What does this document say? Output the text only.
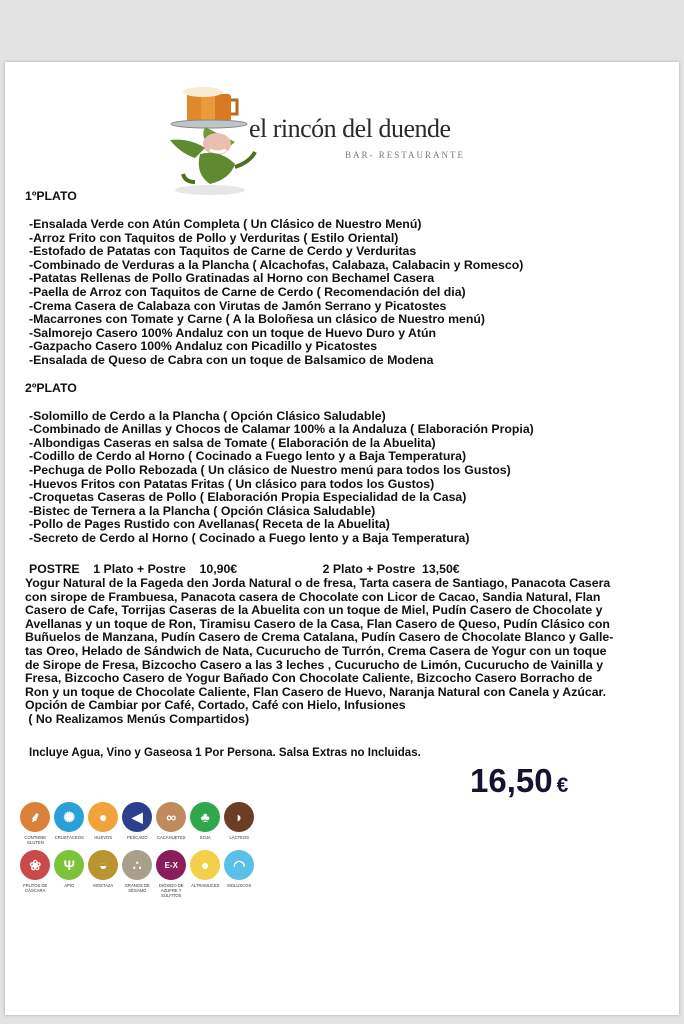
el rincón del duende
BAR- RESTAURANTE
1ºPLATO
-Ensalada Verde con Atún Completa ( Un Clásico de Nuestro Menú)
-Arroz Frito con Taquitos de Pollo y Verduritas ( Estilo Oriental)
-Estofado de Patatas con Taquitos de Carne de Cerdo y Verduritas
-Combinado de Verduras a la Plancha ( Alcachofas, Calabaza, Calabacin y Romesco)
-Patatas Rellenas de Pollo Gratinadas al Horno con Bechamel Casera
-Paella de Arroz con Taquitos de Carne de Cerdo ( Recomendación del dia)
-Crema Casera de Calabaza con Virutas de Jamón Serrano y Picatostes
-Macarrones con Tomate y Carne ( A la Boloñesa un clásico de Nuestro menú)
-Salmorejo Casero 100% Andaluz con un toque de Huevo Duro y Atún
-Gazpacho Casero 100% Andaluz con Picadillo y Picatostes
-Ensalada de Queso de Cabra con un toque de Balsamico de Modena
2ºPLATO
-Solomillo de Cerdo a la Plancha ( Opción Clásico Saludable)
-Combinado de Anillas y Chocos de Calamar 100% a la Andaluza ( Elaboración Propia)
-Albondigas Caseras en salsa de Tomate ( Elaboración de la Abuelita)
-Codillo de Cerdo al Horno ( Cocinado a Fuego lento y a Baja Temperatura)
-Pechuga de Pollo Rebozada ( Un clásico de Nuestro menú para todos los Gustos)
-Huevos Fritos con Patatas Fritas ( Un clásico para todos los Gustos)
-Croquetas Caseras de Pollo ( Elaboración Propia Especialidad de la Casa)
-Bistec de Ternera a la Plancha ( Opción Clásica Saludable)
-Pollo de Pages Rustido con Avellanas( Receta de la Abuelita)
-Secreto de Cerdo al Horno ( Cocinado a Fuego lento y a Baja Temperatura)
POSTRE 1 Plato + Postre 10,90€	2 Plato + Postre 13,50€
Yogur Natural de la Fageda den Jorda Natural o de fresa, Tarta casera de Santiago, Panacota Casera
con sirope de Frambuesa, Panacota casera de Chocolate con Licor de Cacao, Sandia Natural, Flan
Casero de Cafe, Torrijas Caseras de la Abuelita con un toque de Miel, Pudín Casero de Chocolate y
Avellanas y un toque de Ron, Tiramisu Casero de la Casa, Flan Casero de Queso, Pudín Clásico con
Buñuelos de Manzana, Pudín Casero de Crema Catalana, Pudín Casero de Chocolate Blanco y Galle-
tas Oreo, Helado de Sándwich de Nata, Cucurucho de Turrón, Crema Casera de Yogur con un toque
de Sirope de Fresa, Bizcocho Casero a las 3 leches , Cucurucho de Limón, Cucurucho de Vainilla y
Fresa, Bizcocho Casero de Yogur Bañado Con Chocolate Caliente, Bizcocho Casero Borracho de
Ron y un toque de Chocolate Caliente, Flan Casero de Huevo, Naranja Natural con Canela y Azúcar.
Opción de Cambiar por Café, Cortado, Café con Hielo, Infusiones
( No Realizamos Menús Compartidos)
Incluye Agua, Vino y Gaseosa 1 Por Persona. Salsa Extras no Incluidas.
16,50 €
⸙
CONTIENE GLUTEN
✺
CRUSTÁCEOS
●
HUEVOS
◀
PESCADO
∞
CACAHUETES
♣
SOJA
◗
LÁCTEOS
❀
FRUTOS DE CÁSCARA
Ψ
APIO
◒
MOSTAZA
∴
GRANOS DE SÉSAMO
E-X
DIÓXIDO DE AZUFRE Y SULFITOS
●
ALTRAMUCES
◠
MOLUSCOS
